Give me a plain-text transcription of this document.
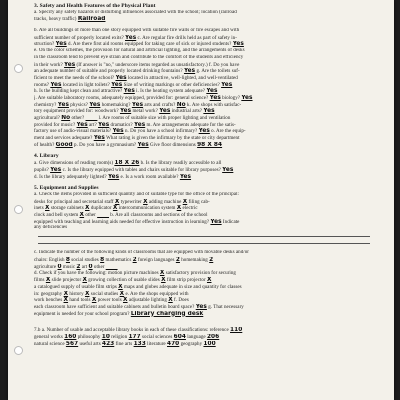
3. Safety and Health Features of the Physical Plant
a. Specify any safety hazards or disturbing influences associated with the school; location (railroad
tracks, heavy traffic) Railroad
b. Are all buildings of more than one story equipped with suitable fire walls or fire escapes and with
sufficient number of properly located exits? Yes c. Are regular fire drills held as part of safety in-
struction? Yes d. Are there first aid rooms equipped for taking care of sick or injured students? Yes
e. On the color schemes, the provision for natural and artificial lighting, and the arrangements of desks
in the classroom tend to prevent eye strain and contribute to the comfort of the students and efficiency
in their work? Yes (If answer is "no," underscore items regarded as unsatisfactory.) f. Do you have
an adequate number of suitable and properly located drinking fountains? Yes g. Are the toilets suf-
ficient to meet the needs of the school? Yes located in attractive, well-lighted, and well-ventilated
rooms? Yes located in light toilets? Yes Size of writing markings or other deficiencies? Yes
h. Is the building kept clean and attractive? Yes i. Is the heating system adequate? Yes
j. Are suitable laboratory rooms, adequately equipped, provided for: general science? Yes biology? Yes
chemistry? Yes physics? Yes homemaking? Yes arts and crafts? No k. Are shops with satisfac-
tory equipment provided for: woodwork? Yes metal work? Yes industrial arts? Yes
agricultural? No other? ____ l. Are rooms of suitable size with proper lighting and ventilation
provided for music? Yes art? Yes dramatics? Yes m. Are arrangements adequate for the satis-
factory use of audio-visual materials? Yes n. Do you have a school infirmary? Yes o. Are the equip-
ment and services adequate? Yes What rating is given the infirmary by the state or city department
of health? Good p. Do you have a gymnasium? Yes Give floor dimensions 98 X 84
4. Library
a. Give dimensions of reading room(s) 18 X 26 b. Is the library readily accessible to all
pupils? Yes c. Is the library equipped with tables and chairs suitable for library purposes? Yes
d. Is the library adequately lighted? Yes e. Is a work room available? Yes
5. Equipment and Supplies
a. Check the items provided in sufficient quantity and of suitable type for the office of the principal:
desks for principal and secretarial staff X typewriter X adding machine X filing cab-
inets X storage cabinets X duplicator X intercommunication system X electric
clock and bell system X other ____ b. Are all classrooms and sections of the school
equipped with teaching and learning aids needed for effective instruction in learning? Yes Indicate
any deficiencies
c. Indicate the number of the following kinds of classrooms that are equipped with movable desks and/or
chairs: English 8 social studies 8 mathematics 2 foreign languages 2 homemaking 2
agriculture 0 music 2 art 0 other ____
d. Check if you have the following: motion picture machines X satisfactory provision for securing
films X slide projector X growing collection of usable slides X film strip projector X
a catalogued supply of usable film strips X maps and globes adequate in size and quantity for classes
in: geography X history X social studies X e. Are the shops equipped with
work benches X hand tools X power tools X adjustable lighting X f. Does
each classroom have sufficient and suitable cabinets and bulletin board space? Yes g. That necessary
equipment is needed for your school program? Library charging desk
7.b a. Number of usable and acceptable library books in each of these classifications: reference 110
general works 160 philosophy 10 religion 177 social sciences 604 language 206
natural science 567 useful arts 423 fine arts 133 literature 470 geography 100
